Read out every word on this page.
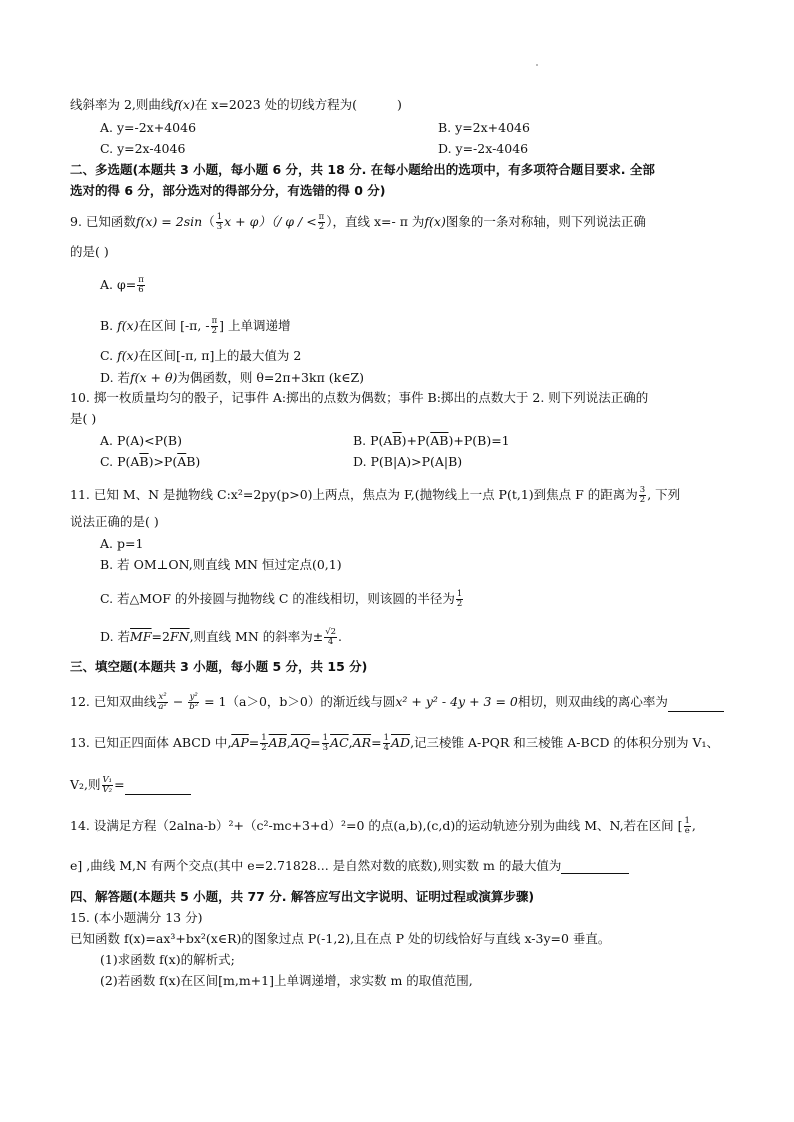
线斜率为 2,则曲线f(x)在 x=2023 处的切线方程为(	)
A. y=-2x+4046	B. y=2x+4046
C. y=2x-4046	D. y=-2x-4046
二、多选题(本题共 3 小题，每小题 6 分，共 18 分. 在每小题给出的选项中，有多项符合题目要求. 全部
选对的得 6 分，部分选对的得部分分，有选错的得 0 分)
9. 已知函数$f(x) = 2\sin( \frac{1}{3}$ x + φ）（/ φ / < $\frac{\pi}{2}$ ），直线 x=- π 为f(x)图象的一条对称轴，则下列说法正确
的是( )
A. $\varphi= \frac{\pi}{6}$
B. f(x)在区间 [-π, - $\frac{\pi}{2}$ ] 上单调递增
C. f(x)在区间[-π, π]上的最大值为 2
D. 若f(x + θ)为偶函数，则 θ=2π+3kπ (k∈Z)
10. 掷一枚质量均匀的骰子，记事件 A:掷出的点数为偶数；事件 B:掷出的点数大于 2. 则下列说法正确的
是( )
A. P(A)<P(B)	B. $P(A\overline{B})+P(\overline{AB})+P(B)=1$
C. $P(A\overline{B})>P(\overline{A}B)$	D. P(B|A)>P(A|B)
11. 已知 M、N 是抛物线 C:x²=2py(p>0)上两点，焦点为 F,(抛物线上一点 P(t,1)到焦点 F 的距离为 $\frac{3}{2}$ , 下列
说法正确的是( )
A. p=1
B. 若 OM⊥ON,则直线 MN 恒过定点(0,1)
C. 若△MOF 的外接圆与抛物线 C 的准线相切，则该圆的半径为 $\frac{1}{2}$
D. 若$\overline{MF}=2\overline{FN}$,则直线 MN 的斜率为± $\frac{√2}{4}$ .
三、填空题(本题共 3 小题，每小题 5 分，共 15 分)
12. 已知双曲线 $\frac{\text{x²}}{\text{a²}} - \frac{\text{y²}}{\text{b²}} = 1(a>0$，b＞0）的渐近线与圆x² + y² - 4y + 3 = 0相切，则双曲线的离心率为
13. 已知正四面体 ABCD 中$,\overline{AP}= \frac{1}{2} \overline{AB},\overline{AQ}= \frac{1}{3} \overline{AC},\overline{AR}= \frac{1}{4} \overline{AD}$,记三棱锥 A-PQR 和三棱锥 A-BCD 的体积分别为 V₁、
V₂,则 $\frac{\text{V₁}}{\text{V₂}}$ =
14. 设满足方程（2alna-b）²+（c²-mc+3+d）²=0 的点(a,b),(c,d)的运动轨迹分别为曲线 M、N,若在区间 [ $\frac{1}{e}$ ,
e] ,曲线 M,N 有两个交点(其中 e=2.71828... 是自然对数的底数),则实数 m 的最大值为
四、解答题(本题共 5 小题，共 77 分. 解答应写出文字说明、证明过程或演算步骤)
15. (本小题满分 13 分)
已知函数 f(x)=ax³+bx²(x∈R)的图象过点 P(-1,2),且在点 P 处的切线恰好与直线 x-3y=0 垂直。
(1)求函数 f(x)的解析式;
(2)若函数 f(x)在区间[m,m+1]上单调递增，求实数 m 的取值范围,
